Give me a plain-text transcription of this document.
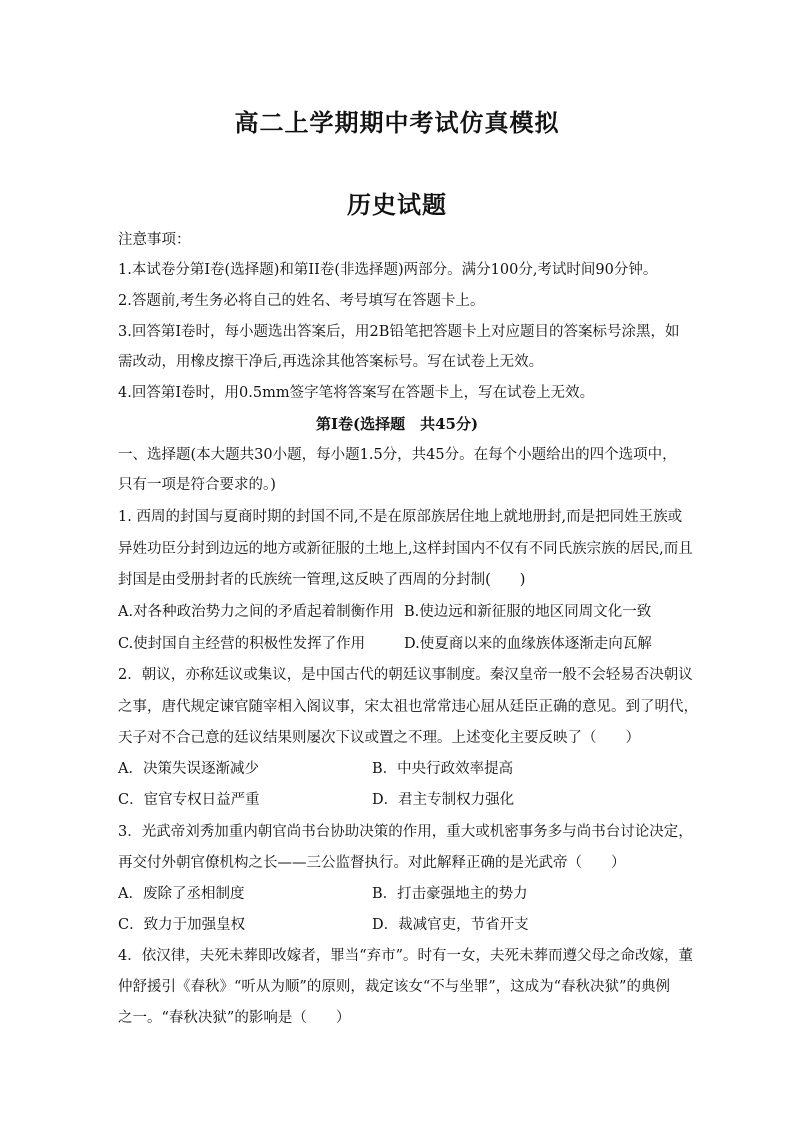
高二上学期期中考试仿真模拟
历史试题
注意事项：
1.本试卷分第Ⅰ卷(选择题)和第II卷(非选择题)两部分。满分100分,考试时间90分钟。
2.答题前,考生务必将自己的姓名、考号填写在答题卡上。
3.回答第Ⅰ卷时，每小题选出答案后，用2B铅笔把答题卡上对应题目的答案标号涂黑，如
需改动，用橡皮擦干净后,再选涂其他答案标号。写在试卷上无效。
4.回答第Ⅰ卷时，用0.5mm签字笔将答案写在答题卡上，写在试卷上无效。
第Ⅰ卷(选择题　共45分)
一、选择题(本大题共30小题，每小题1.5分，共45分。在每个小题给出的四个选项中，
只有一项是符合要求的。)
1. 西周的封国与夏商时期的封国不同,不是在原部族居住地上就地册封,而是把同姓王族或
异姓功臣分封到边远的地方或新征服的土地上,这样封国内不仅有不同氏族宗族的居民,而且
封国是由受册封者的氏族统一管理,这反映了西周的分封制(　　)
A.对各种政治势力之间的矛盾起着制衡作用 B.使边远和新征服的地区同周文化一致
C.使封国自主经营的积极性发挥了作用	D.使夏商以来的血缘族体逐渐走向瓦解
2．朝议，亦称廷议或集议，是中国古代的朝廷议事制度。秦汉皇帝一般不会轻易否决朝议
之事，唐代规定谏官随宰相入阁议事，宋太祖也常常违心屈从廷臣正确的意见。到了明代，
天子对不合己意的廷议结果则屡次下议或置之不理。上述变化主要反映了（　　）
A．决策失误逐渐减少	B．中央行政效率提高
C．宦官专权日益严重	D．君主专制权力强化
3．光武帝刘秀加重内朝官尚书台协助决策的作用，重大或机密事务多与尚书台讨论决定，
再交付外朝官僚机构之长——三公监督执行。对此解释正确的是光武帝（　　）
A．废除了丞相制度	B．打击豪强地主的势力
C．致力于加强皇权	D．裁减官吏，节省开支
4．依汉律，夫死未葬即改嫁者，罪当“弃市”。时有一女，夫死未葬而遵父母之命改嫁，董
仲舒援引《春秋》“听从为顺”的原则，裁定该女“不与坐罪”，这成为“春秋决狱”的典例
之一。“春秋决狱”的影响是（　　）
